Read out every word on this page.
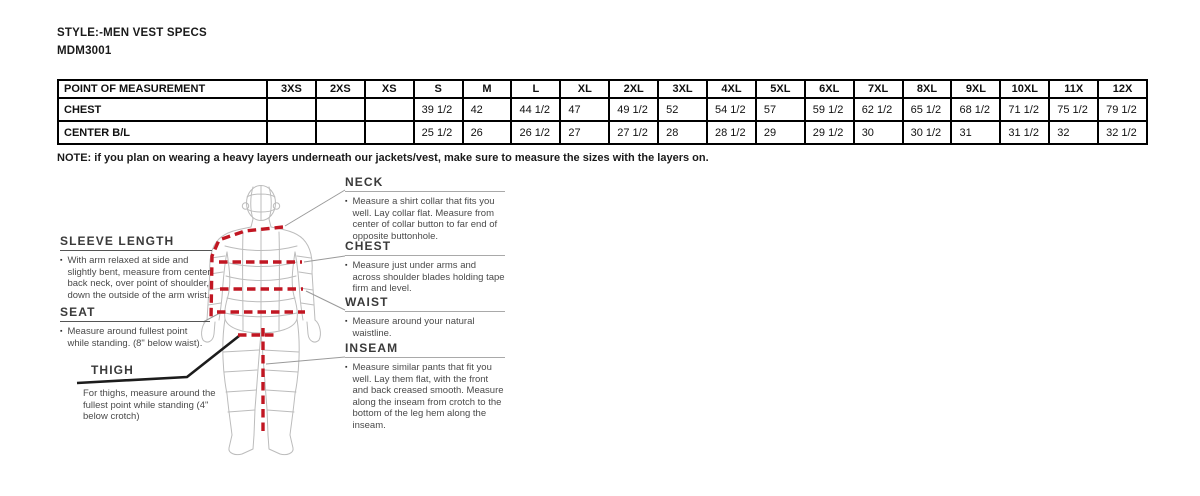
STYLE:-MEN VEST SPECS
MDM3001
POINT OF MEASUREMENT	3XS	2XS	XS	S	M	L	XL	2XL	3XL	4XL	5XL	6XL	7XL	8XL	9XL	10XL	11X	12X
CHEST				39 1/2	42	44 1/2	47	49 1/2	52	54 1/2	57	59 1/2	62 1/2	65 1/2	68 1/2	71 1/2	75 1/2	79 1/2
CENTER B/L				25 1/2	26	26 1/2	27	27 1/2	28	28 1/2	29	29 1/2	30	30 1/2	31	31 1/2	32	32 1/2
NOTE: if you plan on wearing a heavy layers underneath our jackets/vest, make sure to measure the sizes with the layers on.
SLEEVE LENGTH
▪ With arm relaxed at side and slightly bent, measure from center back neck, over point of shoulder, down the outside of the arm wrist.
SEAT
▪ Measure around fullest point while standing. (8" below waist).
THIGH
For thighs, measure around the fullest point while standing (4" below crotch)
NECK
▪ Measure a shirt collar that fits you well. Lay collar flat. Measure from center of collar button to far end of opposite buttonhole.
CHEST
▪ Measure just under arms and across shoulder blades holding tape firm and level.
WAIST
▪ Measure around your natural waistline.
INSEAM
▪ Measure similar pants that fit you well. Lay them flat, with the front and back creased smooth. Measure along the inseam from crotch to the bottom of the leg hem along the inseam.
